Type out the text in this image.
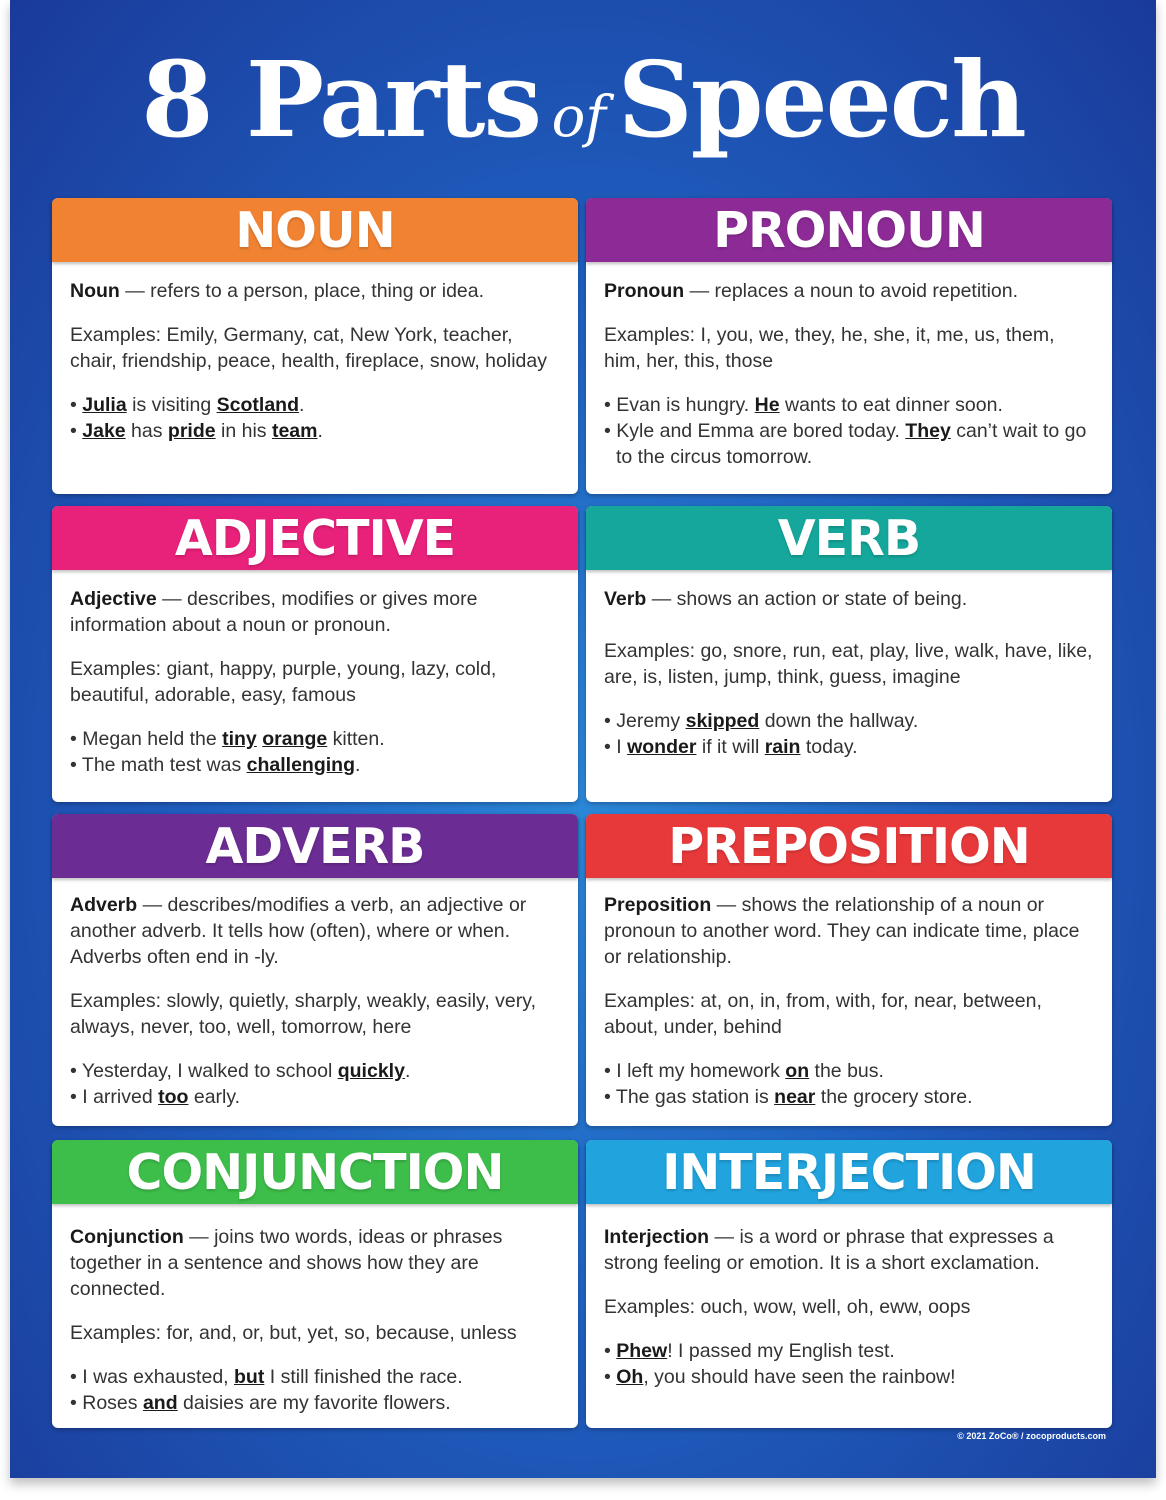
8 Parts of Speech
NOUN

Noun — refers to a person, place, thing or idea.

Examples: Emily, Germany, cat, New York, teacher, chair, friendship, peace, health, fireplace, snow, holiday

• Julia is visiting Scotland.

• Jake has pride in his team.

PRONOUN

Pronoun — replaces a noun to avoid repetition.

Examples: I, you, we, they, he, she, it, me, us, them, him, her, this, those

• Evan is hungry. He wants to eat dinner soon.

• Kyle and Emma are bored today. They can’t wait to go to the circus tomorrow.

ADJECTIVE

Adjective — describes, modifies or gives more information about a noun or pronoun.

Examples: giant, happy, purple, young, lazy, cold, beautiful, adorable, easy, famous

• Megan held the tiny orange kitten.

• The math test was challenging.

VERB

Verb — shows an action or state of being.

Examples: go, snore, run, eat, play, live, walk, have, like, are, is, listen, jump, think, guess, imagine

• Jeremy skipped down the hallway.

• I wonder if it will rain today.

ADVERB

Adverb — describes/modifies a verb, an adjective or another adverb. It tells how (often), where or when. Adverbs often end in -ly.

Examples: slowly, quietly, sharply, weakly, easily, very, always, never, too, well, tomorrow, here

• Yesterday, I walked to school quickly.

• I arrived too early.

PREPOSITION

Preposition — shows the relationship of a noun or pronoun to another word. They can indicate time, place or relationship.

Examples: at, on, in, from, with, for, near, between, about, under, behind

• I left my homework on the bus.

• The gas station is near the grocery store.

CONJUNCTION

Conjunction — joins two words, ideas or phrases together in a sentence and shows how they are connected.

Examples: for, and, or, but, yet, so, because, unless

• I was exhausted, but I still finished the race.

• Roses and daisies are my favorite flowers.

INTERJECTION

Interjection — is a word or phrase that expresses a strong feeling or emotion. It is a short exclamation.

Examples: ouch, wow, well, oh, eww, oops

• Phew! I passed my English test.

• Oh, you should have seen the rainbow!

© 2021 ZoCo® / zocoproducts.com
